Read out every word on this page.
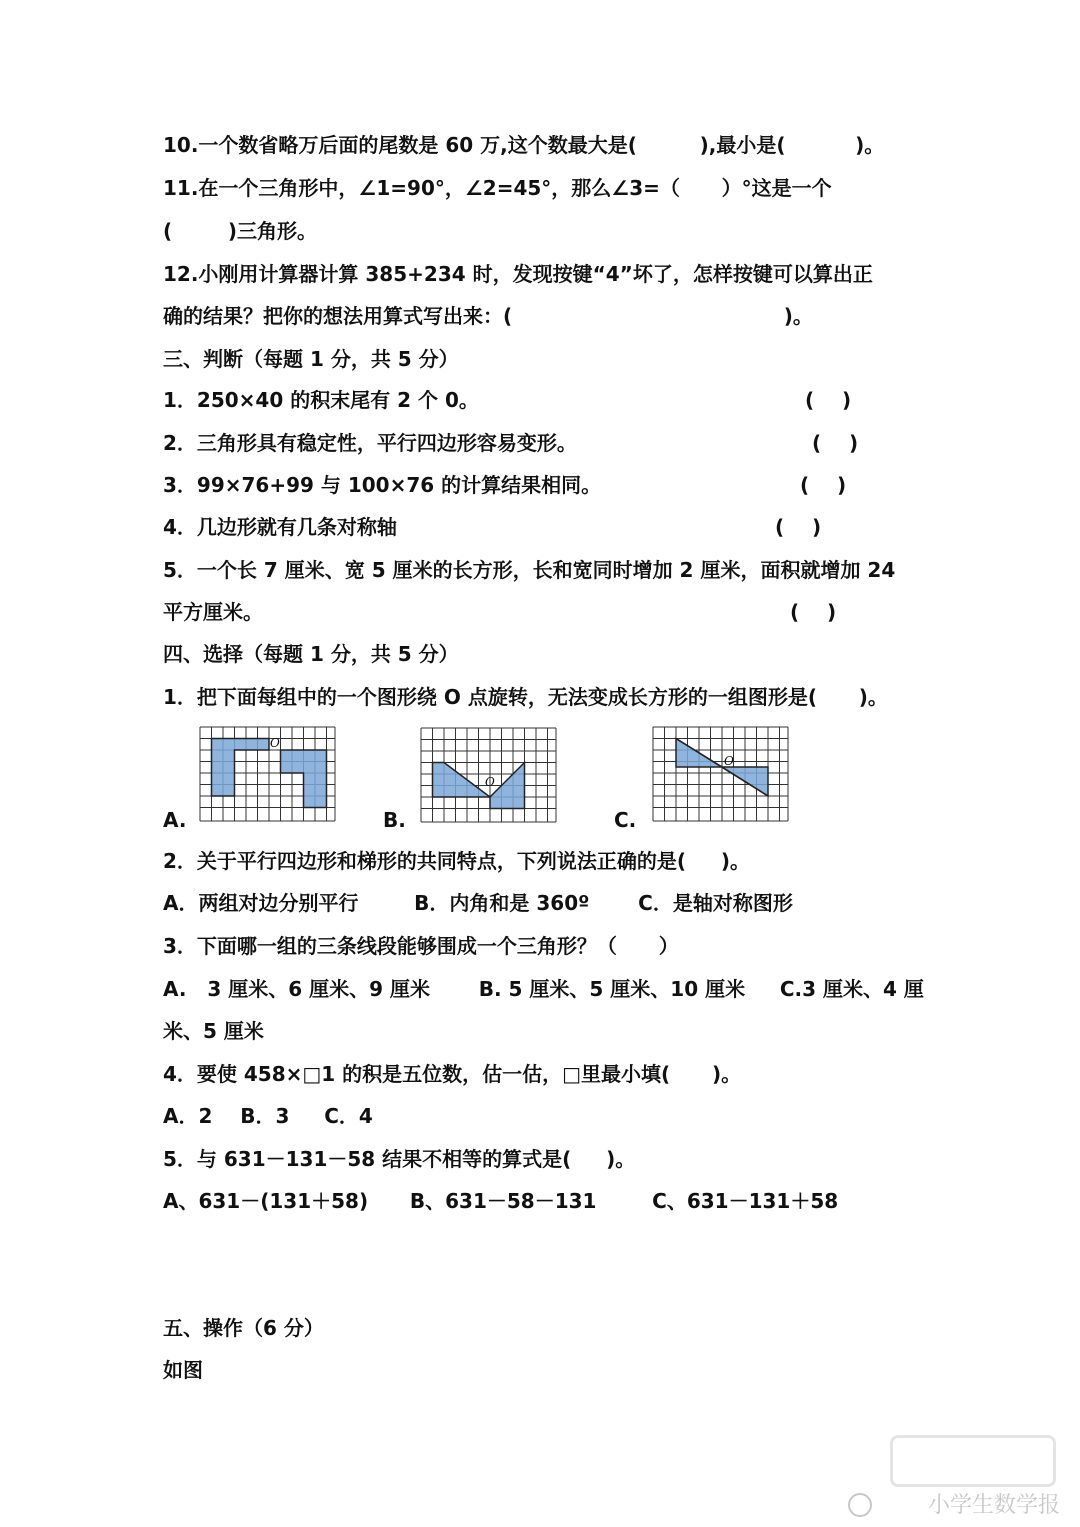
10.一个数省略万后面的尾数是 60 万,这个数最大是(         ),最小是(          )。

11.在一个三角形中，∠1=90°，∠2=45°，那么∠3=（      ）°这是一个

(        )三角形。

12.小刚用计算器计算 385+234 时，发现按键“4”坏了，怎样按键可以算出正

确的结果？把你的想法用算式写出来：(                                       )。

三、判断（每题 1 分，共 5 分）

1．250×40 的积末尾有 2 个 0。	(    )

2．三角形具有稳定性，平行四边形容易变形。	(    )

3．99×76+99 与 100×76 的计算结果相同。	(    )

4．几边形就有几条对称轴	(    )

5．一个长 7 厘米、宽 5 厘米的长方形，长和宽同时增加 2 厘米，面积就增加 24

平方厘米。	(    )

四、选择（每题 1 分，共 5 分）

1．把下面每组中的一个图形绕 O 点旋转，无法变成长方形的一组图形是(      )。

A.	B.	C.
O
O
O

2．关于平行四边形和梯形的共同特点，下列说法正确的是(     )。

A．两组对边分别平行        B．内角和是 360º       C．是轴对称图形

3．下面哪一组的三条线段能够围成一个三角形？（      ）

A.   3 厘米、6 厘米、9 厘米       B. 5 厘米、5 厘米、10 厘米     C.3 厘米、4 厘

米、5 厘米

4．要使 458×□1 的积是五位数，估一估，□里最小填(      )。

A．2    B．3     C．4

5．与 631－131－58 结果不相等的算式是(     )。

A、631－(131＋58)      B、631－58－131        C、631－131＋58

五、操作（6 分）

如图

小学生数学报
